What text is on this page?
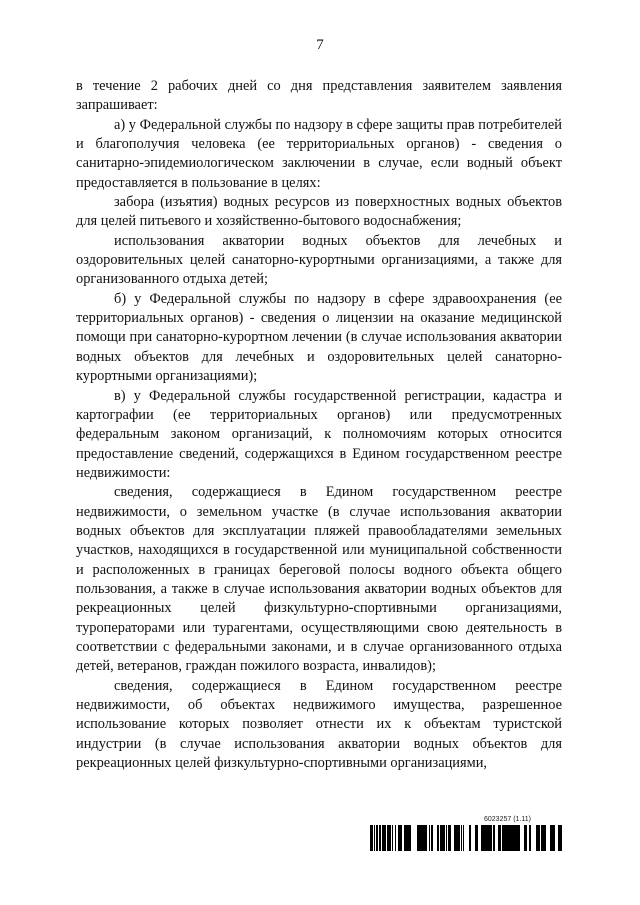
7

в течение 2 рабочих дней со дня представления заявителем заявления запрашивает:

а) у Федеральной службы по надзору в сфере защиты прав потребителей и благополучия человека (ее территориальных органов) - сведения о санитарно-эпидемиологическом заключении в случае, если водный объект предоставляется в пользование в целях:

забора (изъятия) водных ресурсов из поверхностных водных объектов для целей питьевого и хозяйственно-бытового водоснабжения;

использования акватории водных объектов для лечебных и оздоровительных целей санаторно-курортными организациями, а также для организованного отдыха детей;

б) у Федеральной службы по надзору в сфере здравоохранения (ее территориальных органов) - сведения о лицензии на оказание медицинской помощи при санаторно-курортном лечении (в случае использования акватории водных объектов для лечебных и оздоровительных целей санаторно-курортными организациями);

в) у Федеральной службы государственной регистрации, кадастра и картографии (ее территориальных органов) или предусмотренных федеральным законом организаций, к полномочиям которых относится предоставление сведений, содержащихся в Едином государственном реестре недвижимости:

сведения, содержащиеся в Едином государственном реестре недвижимости, о земельном участке (в случае использования акватории водных объектов для эксплуатации пляжей правообладателями земельных участков, находящихся в государственной или муниципальной собственности и расположенных в границах береговой полосы водного объекта общего пользования, а также в случае использования акватории водных объектов для рекреационных целей физкультурно-спортивными организациями, туроператорами или турагентами, осуществляющими свою деятельность в соответствии с федеральными законами, и в случае организованного отдыха детей, ветеранов, граждан пожилого возраста, инвалидов);

сведения, содержащиеся в Едином государственном реестре недвижимости, об объектах недвижимого имущества, разрешенное использование которых позволяет отнести их к объектам туристской индустрии (в случае использования акватории водных объектов для рекреационных целей физкультурно-спортивными организациями,

6023257 (1.11)
